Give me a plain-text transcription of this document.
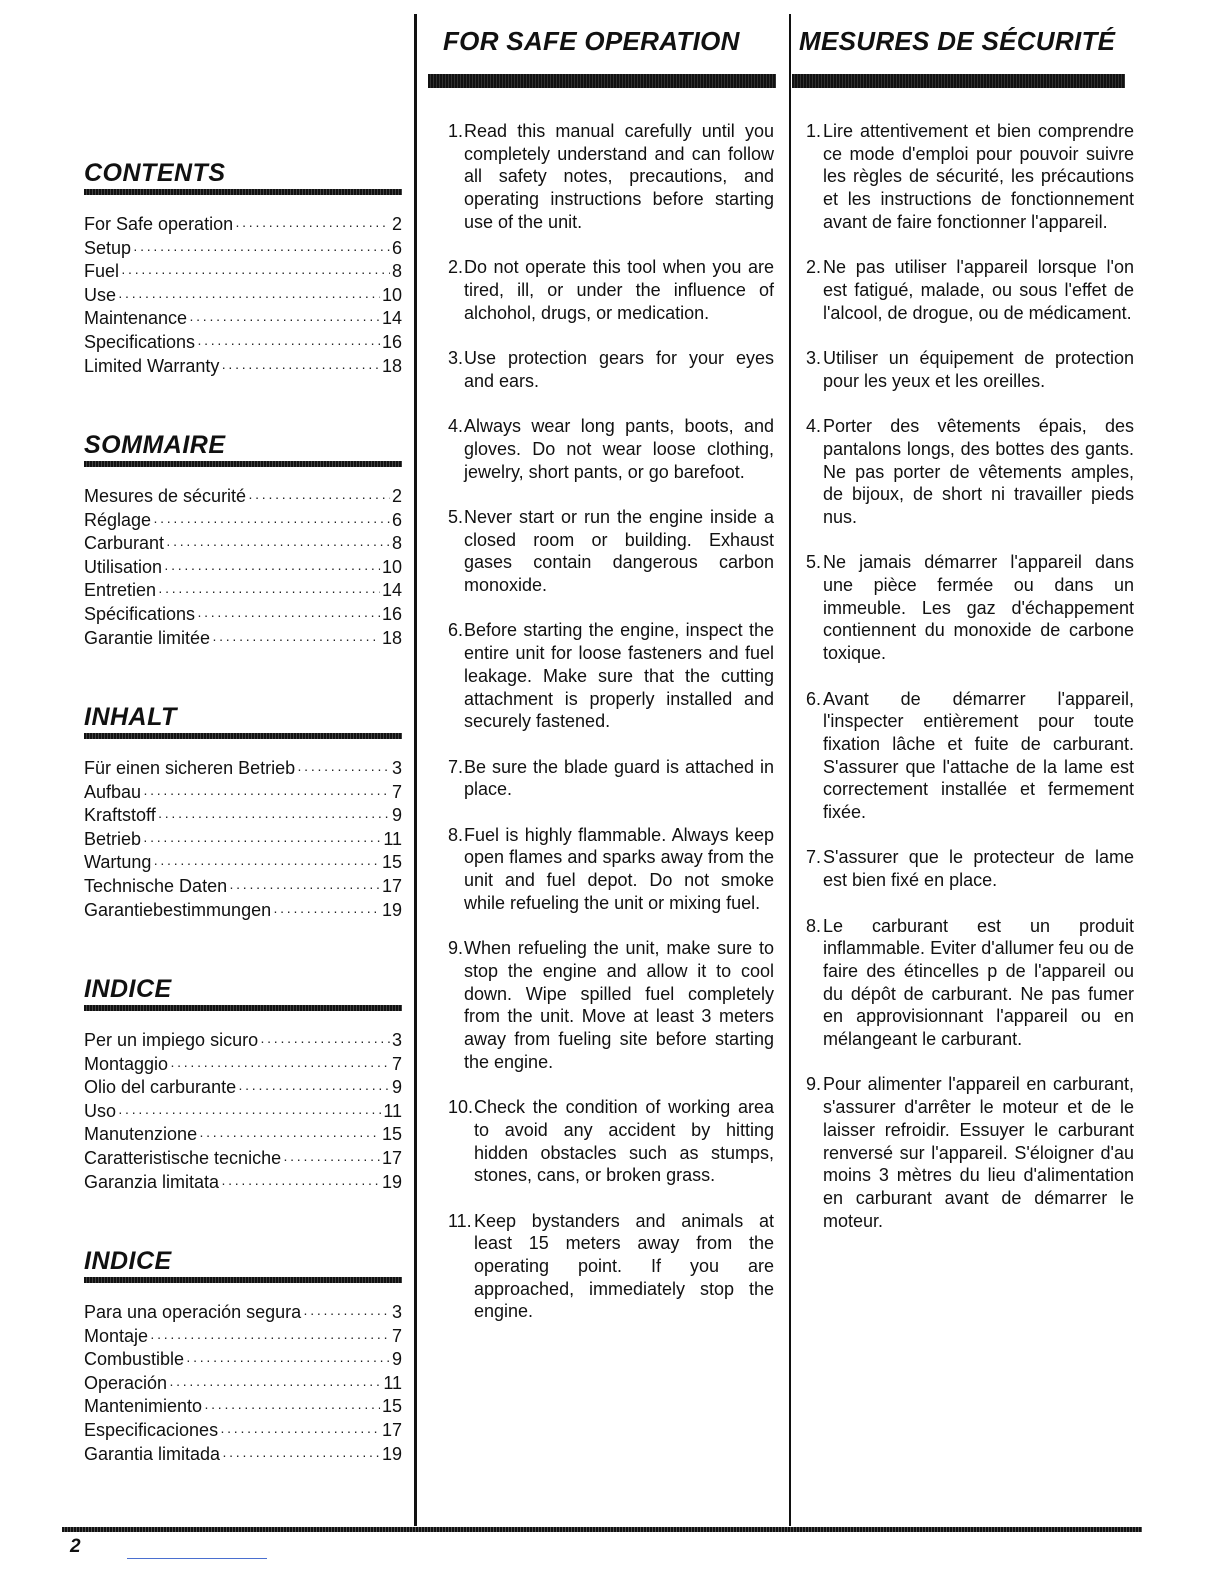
2
CONTENTS
For Safe operation ·····	2
Setup ·····	6
Fuel ·····	8
Use ·····	10
Maintenance ·····	14
Specifications ·····	16
Limited Warranty ·····	18
SOMMAIRE
Mesures de sécurité ·····	2
Réglage ·····	6
Carburant ·····	8
Utilisation ·····	10
Entretien ·····	14
Spécifications ·····	16
Garantie limitée ·····	18
INHALT
Für einen sicheren Betrieb ·····	3
Aufbau ·····	7
Kraftstoff ·····	9
Betrieb ·····	11
Wartung ·····	15
Technische Daten ·····	17
Garantiebestimmungen ·····	19
INDICE
Per un impiego sicuro ·····	3
Montaggio ·····	7
Olio del carburante ·····	9
Uso ·····	11
Manutenzione ·····	15
Caratteristische tecniche ·····	17
Garanzia limitata ·····	19
INDICE
Para una operación segura ·····	3
Montaje ·····	7
Combustible ·····	9
Operación ·····	11
Mantenimiento ·····	15
Especificaciones ·····	17
Garantia limitada ·····	19
FOR SAFE OPERATION
1. Read this manual carefully until you completely understand and can follow all safety notes, precautions, and operating instructions before starting use of the unit.
2. Do not operate this tool when you are tired, ill, or under the influence of alchohol, drugs, or medication.
3. Use protection gears for your eyes and ears.
4. Always wear long pants, boots, and gloves. Do not wear loose clothing, jewelry, short pants, or go barefoot.
5. Never start or run the engine inside a closed room or building. Exhaust gases contain dangerous carbon monoxide.
6. Before starting the engine, inspect the entire unit for loose fasteners and fuel leakage. Make sure that the cutting attachment is properly installed and securely fastened.
7. Be sure the blade guard is attached in place.
8. Fuel is highly flammable. Always keep open flames and sparks away from the unit and fuel depot. Do not smoke while refueling the unit or mixing fuel.
9. When refueling the unit, make sure to stop the engine and allow it to cool down. Wipe spilled fuel completely from the unit. Move at least 3 meters away from fueling site before starting the engine.
10. Check the condition of working area to avoid any accident by hitting hidden obstacles such as stumps, stones, cans, or broken grass.
11. Keep bystanders and animals at least 15 meters away from the operating point. If you are approached, immediately stop the engine.
MESURES DE SÉCURITÉ
1. Lire attentivement et bien comprendre ce mode d'emploi pour pouvoir suivre les règles de sécurité, les précautions et les instructions de fonctionnement avant de faire fonctionner l'appareil.
2. Ne pas utiliser l'appareil lorsque l'on est fatigué, malade, ou sous l'effet de l'alcool, de drogue, ou de médicament.
3. Utiliser un équipement de protection pour les yeux et les oreilles.
4. Porter des vêtements épais, des pantalons longs, des bottes des gants. Ne pas porter de vêtements amples, de bijoux, de short ni travailler pieds nus.
5. Ne jamais démarrer l'appareil dans une pièce fermée ou dans un immeuble. Les gaz d'échappement contiennent du monoxide de carbone toxique.
6. Avant de démarrer l'appareil, l'inspecter entièrement pour toute fixation lâche et fuite de carburant. S'assurer que l'attache de la lame est correctement installée et fermement fixée.
7. S'assurer que le protecteur de lame est bien fixé en place.
8. Le carburant est un produit inflammable. Eviter d'allumer feu ou de faire des étincelles p de l'appareil ou du dépôt de carburant. Ne pas fumer en approvisionnant l'appareil ou en mélangeant le carburant.
9. Pour alimenter l'appareil en carburant, s'assurer d'arrêter le moteur et de le laisser refroidir. Essuyer le carburant renversé sur l'appareil. S'éloigner d'au moins 3 mètres du lieu d'alimentation en carburant avant de démarrer le moteur.
